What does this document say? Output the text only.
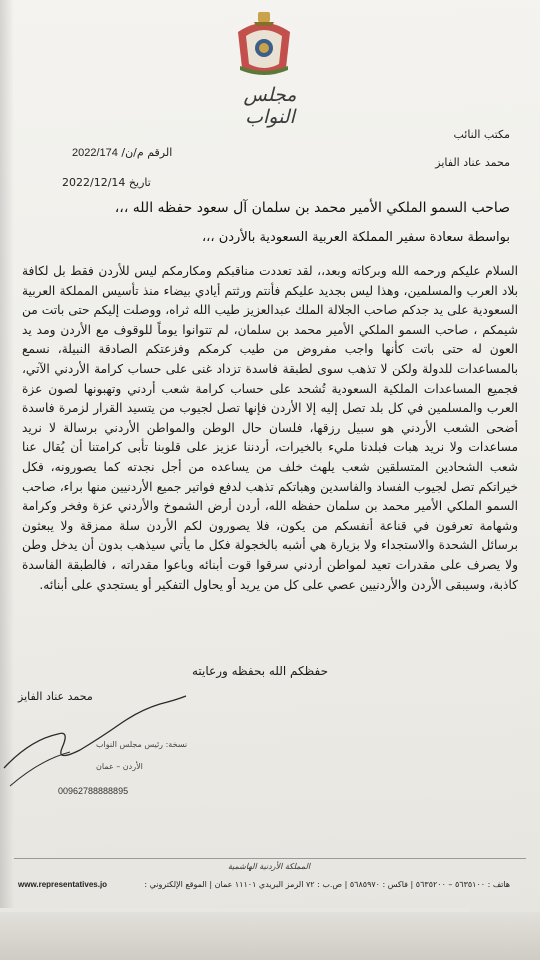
مجلس النواب
مكتب النائب
محمد عناد الفايز
الرقم م/ن/ 2022/174
تاريخ 2022/12/14
صاحب السمو الملكي الأمير محمد بن سلمان آل سعود حفظه الله ،،،
بواسطة سعادة سفير المملكة العربية السعودية بالأردن ،،،
السلام عليكم ورحمه الله وبركاته وبعد،، لقد تعددت مناقبكم ومكارمكم ليس للأردن فقط بل لكافة بلاد العرب والمسلمين، وهذا ليس بجديد عليكم فأنتم ورثتم أيادي بيضاء منذ تأسيس المملكة العربية السعودية على يد جدكم صاحب الجلالة الملك عبدالعزيز طيب الله ثراه، ووصلت إليكم حتى باتت من شيمكم ، صاحب السمو الملكي الأمير محمد بن سلمان، لم تتوانوا يوماً للوقوف مع الأردن ومد يد العون له حتى باتت كأنها واجب مفروض من طيب كرمكم وفزعتكم الصادقة النبيلة، نسمع بالمساعدات للدولة ولكن لا تذهب سوى لطبقة فاسدة تزداد غنى على حساب كرامة الأردني الآتي، فجميع المساعدات الملكية السعودية تُشحد على حساب كرامة شعب أردني وتهبونها لصون عزة العرب والمسلمين في كل بلد تصل إليه إلا الأردن فإنها تصل لجيوب من يتسيد القرار لزمرة فاسدة أضحى الشعب الأردني هو سبيل رزقها، فلسان حال الوطن والمواطن الأردني برسالة لا نريد مساعدات ولا نريد هبات فبلدنا مليء بالخيرات، أردننا عزيز على قلوبنا تأبى كرامتنا أن يُقال عنا شعب الشحادين المتسلقين شعب يلهث خلف من يساعده من أجل نجدته كما يصورونه، فكل خيراتكم تصل لجيوب الفساد والفاسدين وهباتكم تذهب لدفع فواتير جميع الأردنيين منها براء، صاحب السمو الملكي الأمير محمد بن سلمان حفظه الله، أردن أرض الشموخ والأردني عزة وفخر وكرامة وشهامة تعرفون في قناعة أنفسكم من يكون، فلا يصورون لكم الأردن سلة ممزقة ولا يبعثون برسائل الشحدة والاستجداء ولا بزيارة هي أشبه بالخجولة فكل ما يأتي سيذهب بدون أن يدخل وطن ولا يصرف على مقدرات تعيد لمواطن أردني سرقوا قوت أبنائه وباعوا مقدراته ، فالطبقة الفاسدة كاذبة، وسيبقى الأردن والأردنيين عصي على كل من يريد أو يحاول التفكير أو يستجدي على أبنائه.
حفظكم الله بحفظه ورعايته
محمد عناد الفايز
نسخة: رئيس مجلس النواب
الأردن – عمان
00962788888895
المملكة الأردنية الهاشمية
www.representatives.jo	هاتف : ٥٦٣٥١٠٠ – ٥٦٣٥٢٠٠ | فاكس : ٥٦٨٥٩٧٠ | ص.ب : ٧٢ الرمز البريدي ١١١٠١ عمان | الموقع الإلكتروني :
